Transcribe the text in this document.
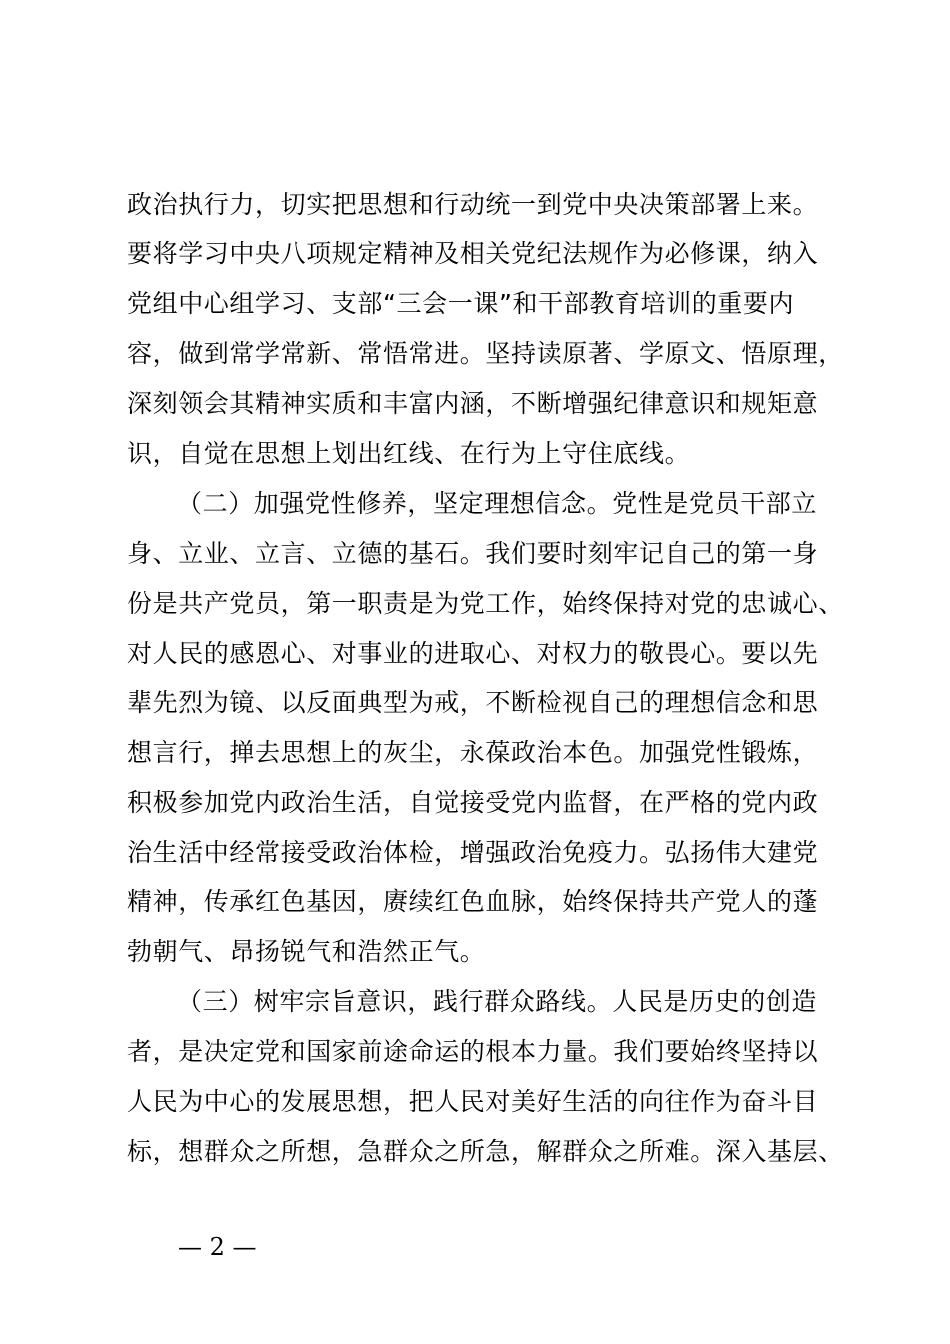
政治执行力，切实把思想和行动统一到党中央决策部署上来。
要将学习中央八项规定精神及相关党纪法规作为必修课，纳入
党组中心组学习、支部“三会一课”和干部教育培训的重要内
容，做到常学常新、常悟常进。坚持读原著、学原文、悟原理，
深刻领会其精神实质和丰富内涵，不断增强纪律意识和规矩意
识，自觉在思想上划出红线、在行为上守住底线。
（二）加强党性修养，坚定理想信念。党性是党员干部立
身、立业、立言、立德的基石。我们要时刻牢记自己的第一身
份是共产党员，第一职责是为党工作，始终保持对党的忠诚心、
对人民的感恩心、对事业的进取心、对权力的敬畏心。要以先
辈先烈为镜、以反面典型为戒，不断检视自己的理想信念和思
想言行，掸去思想上的灰尘，永葆政治本色。加强党性锻炼，
积极参加党内政治生活，自觉接受党内监督，在严格的党内政
治生活中经常接受政治体检，增强政治免疫力。弘扬伟大建党
精神，传承红色基因，赓续红色血脉，始终保持共产党人的蓬
勃朝气、昂扬锐气和浩然正气。
（三）树牢宗旨意识，践行群众路线。人民是历史的创造
者，是决定党和国家前途命运的根本力量。我们要始终坚持以
人民为中心的发展思想，把人民对美好生活的向往作为奋斗目
标，想群众之所想，急群众之所急，解群众之所难。深入基层、
— 2 —
